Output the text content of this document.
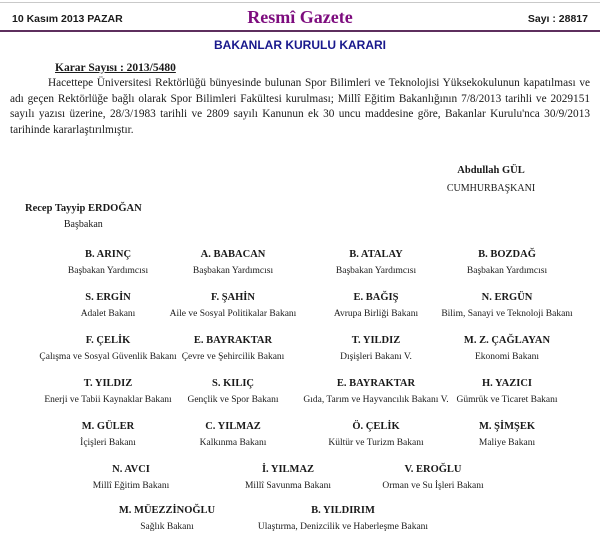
10 Kasım 2013 PAZAR	Resmî Gazete	Sayı : 28817
BAKANLAR KURULU KARARI
Karar Sayısı : 2013/5480
Hacettepe Üniversitesi Rektörlüğü bünyesinde bulunan Spor Bilimleri ve Teknolojisi Yüksekokulunun kapatılması ve adı geçen Rektörlüğe bağlı olarak Spor Bilimleri Fakültesi kurulması; Millî Eğitim Bakanlığının 7/8/2013 tarihli ve 2029151 sayılı yazısı üzerine, 28/3/1983 tarihli ve 2809 sayılı Kanunun ek 30 uncu maddesine göre, Bakanlar Kurulu'nca 30/9/2013 tarihinde kararlaştırılmıştır.
Abdullah GÜL
CUMHURBAŞKANI
Recep Tayyip ERDOĞAN
Başbakan
B. ARINÇ
Başbakan Yardımcısı
A. BABACAN
Başbakan Yardımcısı
B. ATALAY
Başbakan Yardımcısı
B. BOZDAĞ
Başbakan Yardımcısı
S. ERGİN
Adalet Bakanı
F. ŞAHİN
Aile ve Sosyal Politikalar Bakanı
E. BAĞIŞ
Avrupa Birliği Bakanı
N. ERGÜN
Bilim, Sanayi ve Teknoloji Bakanı
F. ÇELİK
Çalışma ve Sosyal Güvenlik Bakanı
E. BAYRAKTAR
Çevre ve Şehircilik Bakanı
T. YILDIZ
Dışişleri Bakanı V.
M. Z. ÇAĞLAYAN
Ekonomi Bakanı
T. YILDIZ
Enerji ve Tabii Kaynaklar Bakanı
S. KILIÇ
Gençlik ve Spor Bakanı
E. BAYRAKTAR
Gıda, Tarım ve Hayvancılık Bakanı V.
H. YAZICI
Gümrük ve Ticaret Bakanı
M. GÜLER
İçişleri Bakanı
C. YILMAZ
Kalkınma Bakanı
Ö. ÇELİK
Kültür ve Turizm Bakanı
M. ŞİMŞEK
Maliye Bakanı
N. AVCI
Millî Eğitim Bakanı
İ. YILMAZ
Millî Savunma Bakanı
V. EROĞLU
Orman ve Su İşleri Bakanı
M. MÜEZZİNOĞLU
Sağlık Bakanı
B. YILDIRIM
Ulaştırma, Denizcilik ve Haberleşme Bakanı
